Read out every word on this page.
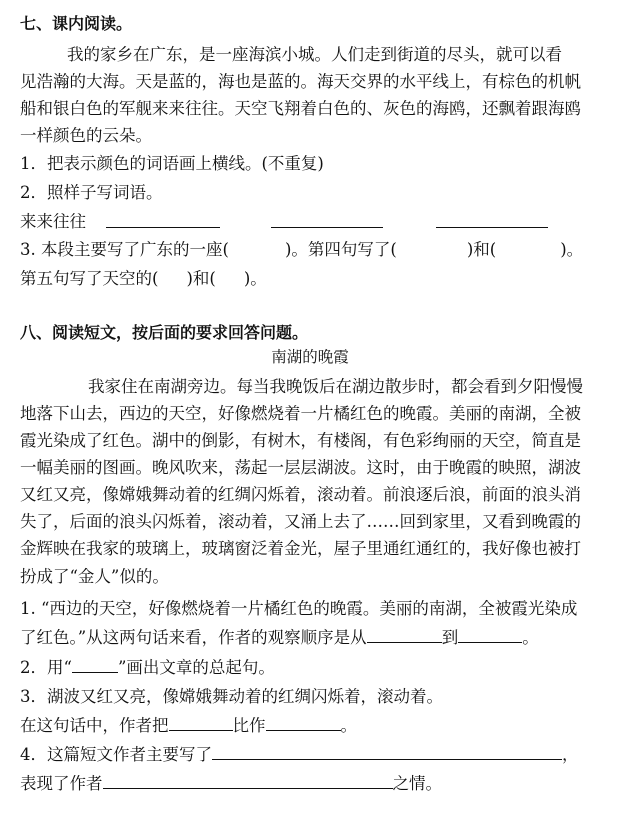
七、课内阅读。
我的家乡在广东，是一座海滨小城。人们走到街道的尽头，就可以看
见浩瀚的大海。天是蓝的，海也是蓝的。海天交界的水平线上，有棕色的机帆
船和银白色的军舰来来往往。天空飞翔着白色的、灰色的海鸥，还飘着跟海鸥
一样颜色的云朵。
1．把表示颜色的词语画上横线。(不重复)
2．照样子写词语。
来来往往
3. 本段主要写了广东的一座(	)。第四句写了(	)和(	)。
第五句写了天空的( )和( )。
八、阅读短文，按后面的要求回答问题。
南湖的晚霞
我家住在南湖旁边。每当我晚饭后在湖边散步时，都会看到夕阳慢慢
地落下山去，西边的天空，好像燃烧着一片橘红色的晚霞。美丽的南湖，全被
霞光染成了红色。湖中的倒影，有树木，有楼阁，有色彩绚丽的天空，简直是
一幅美丽的图画。晚风吹来，荡起一层层湖波。这时，由于晚霞的映照，湖波
又红又亮，像嫦娥舞动着的红绸闪烁着，滚动着。前浪逐后浪，前面的浪头消
失了，后面的浪头闪烁着，滚动着，又涌上去了……回到家里，又看到晚霞的
金辉映在我家的玻璃上，玻璃窗泛着金光，屋子里通红通红的，我好像也被打
扮成了“金人”似的。
1. “西边的天空，好像燃烧着一片橘红色的晚霞。美丽的南湖，全被霞光染成
了红色。”从这两句话来看，作者的观察顺序是从	到	。
2．用“	”画出文章的总起句。
3．湖波又红又亮，像嫦娥舞动着的红绸闪烁着，滚动着。
在这句话中，作者把	比作	。
4．这篇短文作者主要写了	，
表现了作者	之情。
